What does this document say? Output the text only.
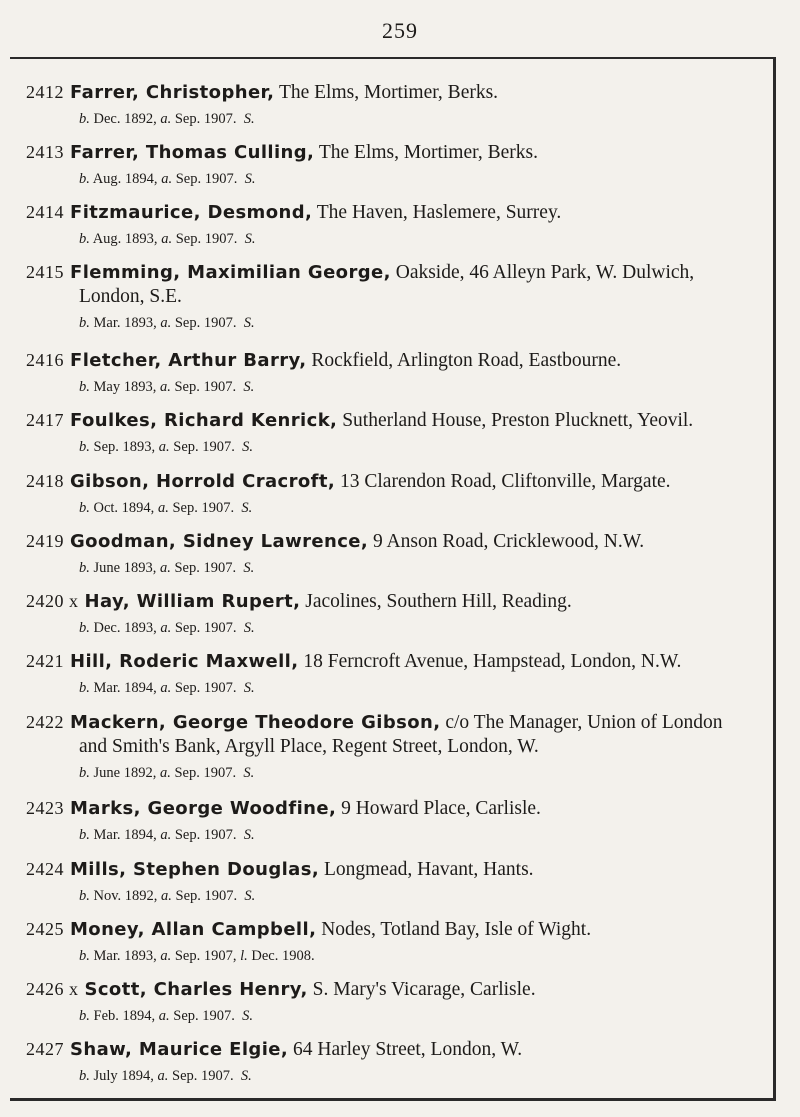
259
2412 Farrer, Christopher, The Elms, Mortimer, Berks.
b. Dec. 1892, a. Sep. 1907. S.
2413 Farrer, Thomas Culling, The Elms, Mortimer, Berks.
b. Aug. 1894, a. Sep. 1907. S.
2414 Fitzmaurice, Desmond, The Haven, Haslemere, Surrey.
b. Aug. 1893, a. Sep. 1907. S.
2415 Flemming, Maximilian George, Oakside, 46 Alleyn Park, W. Dulwich,
London, S.E.
b. Mar. 1893, a. Sep. 1907. S.
2416 Fletcher, Arthur Barry, Rockfield, Arlington Road, Eastbourne.
b. May 1893, a. Sep. 1907. S.
2417 Foulkes, Richard Kenrick, Sutherland House, Preston Plucknett, Yeovil.
b. Sep. 1893, a. Sep. 1907. S.
2418 Gibson, Horrold Cracroft, 13 Clarendon Road, Cliftonville, Margate.
b. Oct. 1894, a. Sep. 1907. S.
2419 Goodman, Sidney Lawrence, 9 Anson Road, Cricklewood, N.W.
b. June 1893, a. Sep. 1907. S.
2420 x Hay, William Rupert, Jacolines, Southern Hill, Reading.
b. Dec. 1893, a. Sep. 1907. S.
2421 Hill, Roderic Maxwell, 18 Ferncroft Avenue, Hampstead, London, N.W.
b. Mar. 1894, a. Sep. 1907. S.
2422 Mackern, George Theodore Gibson, c/o The Manager, Union of London
and Smith's Bank, Argyll Place, Regent Street, London, W.
b. June 1892, a. Sep. 1907. S.
2423 Marks, George Woodfine, 9 Howard Place, Carlisle.
b. Mar. 1894, a. Sep. 1907. S.
2424 Mills, Stephen Douglas, Longmead, Havant, Hants.
b. Nov. 1892, a. Sep. 1907. S.
2425 Money, Allan Campbell, Nodes, Totland Bay, Isle of Wight.
b. Mar. 1893, a. Sep. 1907, l. Dec. 1908.
2426 x Scott, Charles Henry, S. Mary's Vicarage, Carlisle.
b. Feb. 1894, a. Sep. 1907. S.
2427 Shaw, Maurice Elgie, 64 Harley Street, London, W.
b. July 1894, a. Sep. 1907. S.
